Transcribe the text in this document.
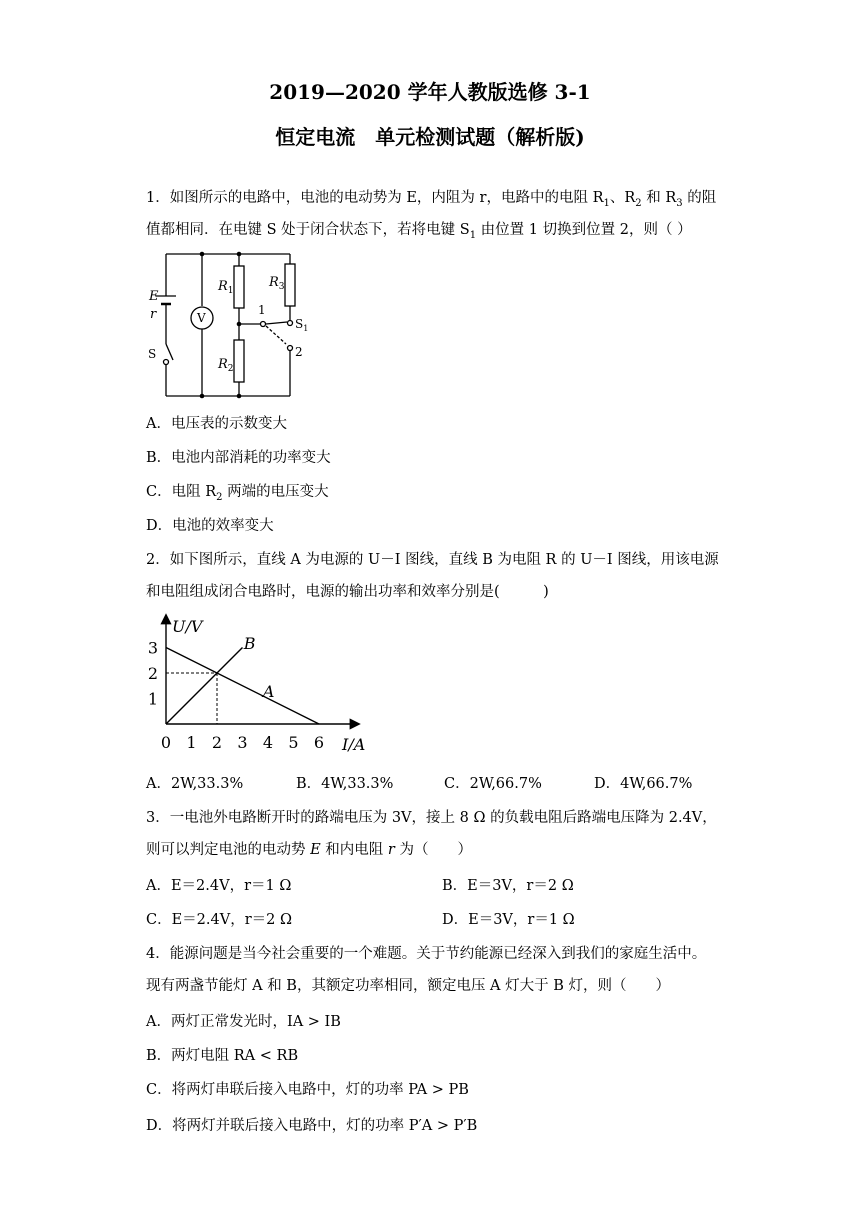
2019—2020 学年人教版选修 3-1
恒定电流　单元检测试题（解析版)
1．如图所示的电路中，电池的电动势为 E，内阻为 r，电路中的电阻 $R_1$、$R_2$ 和 $R_3$ 的阻
值都相同．在电键 S 处于闭合状态下，若将电键 $S_1$ 由位置 1 切换到位置 2，则（ ）
E
r
$R_1$
$R_2$
$R_3$
V
S
1
$S_1$
2
A．电压表的示数变大
B．电池内部消耗的功率变大
C．电阻 $R_2$ 两端的电压变大
D．电池的效率变大
2．如下图所示，直线 A 为电源的 U－I 图线，直线 B 为电阻 R 的 U－I 图线，用该电源
和电阻组成闭合电路时，电源的输出功率和效率分别是(　　　)
A
B
0 1 2 3 4 5 6
1
2
3
U/V
I/A
A．2W,33.3%	B．4W,33.3%	C．2W,66.7%	D．4W,66.7%
3．一电池外电路断开时的路端电压为 3V，接上 8 Ω 的负载电阻后路端电压降为 2.4V，
则可以判定电池的电动势 E 和内电阻 r 为（　　）
A．E＝2.4V，r＝1 Ω	B．E＝3V，r＝2 Ω
C．E＝2.4V，r＝2 Ω	D．E＝3V，r＝1 Ω
4．能源问题是当今社会重要的一个难题。关于节约能源已经深入到我们的家庭生活中。
现有两盏节能灯 A 和 B，其额定功率相同，额定电压 A 灯大于 B 灯，则（　　）
A．两灯正常发光时，IA > IB
B．两灯电阻 RA < RB
C．将两灯串联后接入电路中，灯的功率 PA > PB
D．将两灯并联后接入电路中，灯的功率 P′A > P′B
